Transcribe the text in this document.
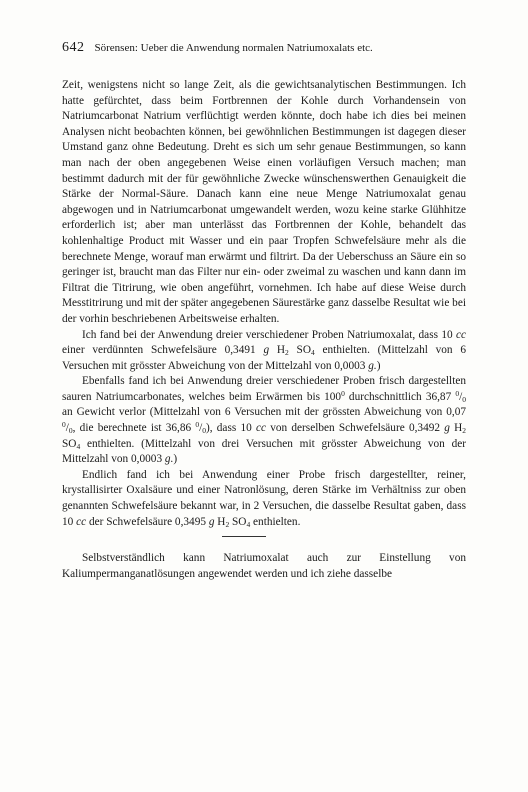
642 Sörensen: Ueber die Anwendung normalen Natriumoxalats etc.

Zeit, wenigstens nicht so lange Zeit, als die gewichtsanalytischen Bestimmungen. Ich hatte gefürchtet, dass beim Fortbrennen der Kohle durch Vorhandensein von Natriumcarbonat Natrium verflüchtigt werden könnte, doch habe ich dies bei meinen Analysen nicht beobachten können, bei gewöhnlichen Bestimmungen ist dagegen dieser Umstand ganz ohne Bedeutung. Dreht es sich um sehr genaue Bestimmungen, so kann man nach der oben angegebenen Weise einen vorläufigen Versuch machen; man bestimmt dadurch mit der für gewöhnliche Zwecke wünschenswerthen Genauigkeit die Stärke der Normal-Säure. Danach kann eine neue Menge Natriumoxalat genau abgewogen und in Natriumcarbonat umgewandelt werden, wozu keine starke Glühhitze erforderlich ist; aber man unterlässt das Fortbrennen der Kohle, behandelt das kohlenhaltige Product mit Wasser und ein paar Tropfen Schwefelsäure mehr als die berechnete Menge, worauf man erwärmt und filtrirt. Da der Ueberschuss an Säure ein so geringer ist, braucht man das Filter nur ein- oder zweimal zu waschen und kann dann im Filtrat die Titrirung, wie oben angeführt, vornehmen. Ich habe auf diese Weise durch Messtitrirung und mit der später angegebenen Säurestärke ganz dasselbe Resultat wie bei der vorhin beschriebenen Arbeitsweise erhalten.

Ich fand bei der Anwendung dreier verschiedener Proben Natriumoxalat, dass 10 cc einer verdünnten Schwefelsäure 0,3491 g $H_2$ $SO_4$ enthielten. (Mittelzahl von 6 Versuchen mit grösster Abweichung von der Mittelzahl von 0,0003 g.)

Ebenfalls fand ich bei Anwendung dreier verschiedener Proben frisch dargestellten sauren Natriumcarbonates, welches beim Erwärmen bis $100^0$ durchschnittlich 36,87 $^0/_0$ an Gewicht verlor (Mittelzahl von 6 Versuchen mit der grössten Abweichung von 0,07 $^0/_0$, die berechnete ist 36,86 $^0/_0$), dass 10 cc von derselben Schwefelsäure 0,3492 g $H_2$ $SO_4$ enthielten. (Mittelzahl von drei Versuchen mit grösster Abweichung von der Mittelzahl von 0,0003 g.)

Endlich fand ich bei Anwendung einer Probe frisch dargestellter, reiner, krystallisirter Oxalsäure und einer Natronlösung, deren Stärke im Verhältniss zur oben genannten Schwefelsäure bekannt war, in 2 Versuchen, die dasselbe Resultat gaben, dass 10 cc der Schwefelsäure 0,3495 g $H_2$ $SO_4$ enthielten.

Selbstverständlich kann Natriumoxalat auch zur Einstellung von Kaliumpermanganatlösungen angewendet werden und ich ziehe dasselbe
